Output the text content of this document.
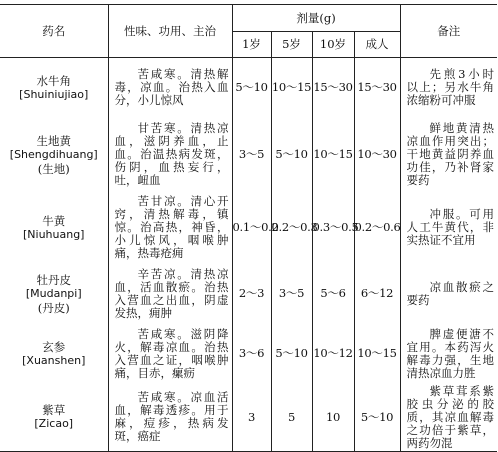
药名	性味、功用、主治	剂量(g)				备注
		1岁	5岁	10岁	成人	

水牛角
[Shuiniujiao]	苦咸寒。清热解毒，凉血。治热入血分，小儿惊风	5～10	10～15	15～30	15～30	先煎3小时以上；另水牛角浓缩粉可冲服

生地黄
[Shengdihuang]
(生地)	甘苦寒。清热凉血，滋阴养血，止血。治温热病发斑，伤阴，血热妄行，吐，衄血	3～5	5～10	10～15	10～30	鲜地黄清热凉血作用突出；干地黄益阴养血功佳，乃补肾家要药

牛黄
[Niuhuang]	苦甘凉。清心开窍，清热解毒，镇惊。治高热，神昏，小儿惊风，咽喉肿痛，热毒疮痈	0.1～0.2	0.2～0.3	0.3～0.5	0.2～0.6	冲服。可用人工牛黄代，非实热证不宜用

牡丹皮
[Mudanpi]
(丹皮)	辛苦凉。清热凉血，活血散瘀。治热入营血之出血，阴虚发热，痈肿	2～3	3～5	5～6	6～12	凉血散瘀之要药

玄参
[Xuanshen]	苦咸寒。滋阴降火，解毒凉血。治热入营血之证，咽喉肿痛，目赤，瘰疬	3～6	5～10	10～12	10～15	脾虚便溏不宜用。本药泻火解毒力强，生地清热凉血力胜

紫草
[Zicao]	苦咸寒。凉血活血，解毒透疹。用于麻，痘疹，热病发斑，癌症	3	5	10	5～10	紫草茸系紫胶虫分泌的胶质，其凉血解毒之功倍于紫草，两药勿混
